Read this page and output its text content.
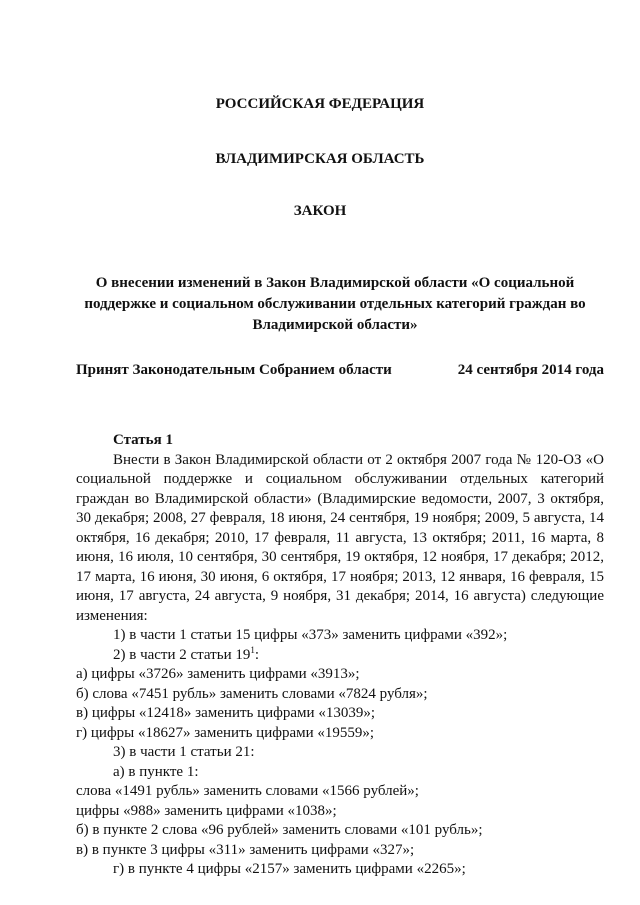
РОССИЙСКАЯ ФЕДЕРАЦИЯ
ВЛАДИМИРСКАЯ ОБЛАСТЬ
ЗАКОН
О внесении изменений в Закон Владимирской области «О социальной
поддержке и социальном обслуживании отдельных категорий граждан во
Владимирской области»
Принят Законодательным Собранием области	24 сентября 2014 года
Статья 1

Внести в Закон Владимирской области от 2 октября 2007 года № 120-ОЗ «О социальной поддержке и социальном обслуживании отдельных категорий граждан во Владимирской области» (Владимирские ведомости, 2007, 3 октября, 30 декабря; 2008, 27 февраля, 18 июня, 24 сентября, 19 ноября; 2009, 5 августа, 14 октября, 16 декабря; 2010, 17 февраля, 11 августа, 13 октября; 2011, 16 марта, 8 июня, 16 июля, 10 сентября, 30 сентября, 19 октября, 12 ноября, 17 декабря; 2012, 17 марта, 16 июня, 30 июня, 6 октября, 17 ноября; 2013, 12 января, 16 февраля, 15 июня, 17 августа, 24 августа, 9 ноября, 31 декабря; 2014, 16 августа) следующие изменения:

1) в части 1 статьи 15 цифры «373» заменить цифрами «392»;

2) в части 2 статьи $19^1$:

а) цифры «3726» заменить цифрами «3913»;

б) слова «7451 рубль» заменить словами «7824 рубля»;

в) цифры «12418» заменить цифрами «13039»;

г) цифры «18627» заменить цифрами «19559»;

3) в части 1 статьи 21:

а) в пункте 1:

слова «1491 рубль» заменить словами «1566 рублей»;

цифры «988» заменить цифрами «1038»;

б) в пункте 2 слова «96 рублей» заменить словами «101 рубль»;

в) в пункте 3 цифры «311» заменить цифрами «327»;

г) в пункте 4 цифры «2157» заменить цифрами «2265»;
